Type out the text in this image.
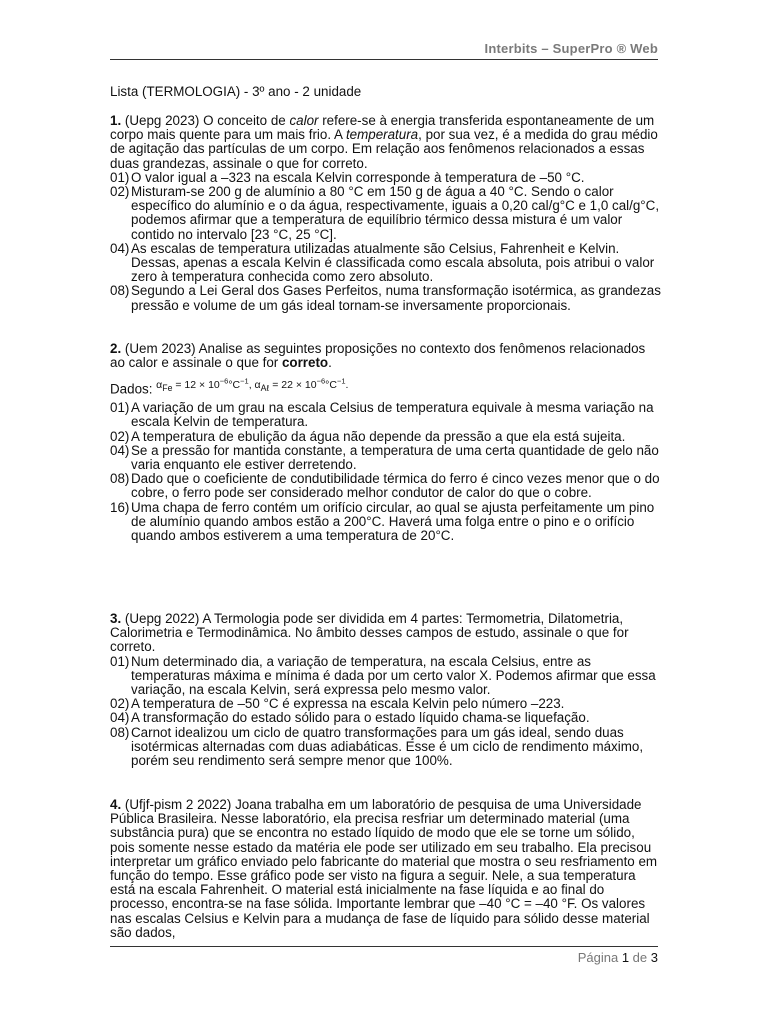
Interbits – SuperPro ® Web
Lista (TERMOLOGIA) - 3º ano - 2 unidade

1. (Uepg 2023) O conceito de calor refere-se à energia transferida espontaneamente de um corpo mais quente para um mais frio. A temperatura, por sua vez, é a medida do grau médio de agitação das partículas de um corpo. Em relação aos fenômenos relacionados a essas duas grandezas, assinale o que for correto.

01) O valor igual a –323 na escala Kelvin corresponde à temperatura de –50 °C.
02) Misturam-se 200 g de alumínio a 80 °C em 150 g de água a 40 °C. Sendo o calor específico do alumínio e o da água, respectivamente, iguais a 0,20 cal/g°C e 1,0 cal/g°C, podemos afirmar que a temperatura de equilíbrio térmico dessa mistura é um valor contido no intervalo [23 °C, 25 °C].
04) As escalas de temperatura utilizadas atualmente são Celsius, Fahrenheit e Kelvin. Dessas, apenas a escala Kelvin é classificada como escala absoluta, pois atribui o valor zero à temperatura conhecida como zero absoluto.
08) Segundo a Lei Geral dos Gases Perfeitos, numa transformação isotérmica, as grandezas pressão e volume de um gás ideal tornam-se inversamente proporcionais.

2. (Uem 2023) Analise as seguintes proposições no contexto dos fenômenos relacionados ao calor e assinale o que for correto.

Dados: $^{\alpha_{Fe} = 12 \times 10^{-6}^\circ C^{-1}, \alpha_{A\ell} = 22 \times 10^{-6}^\circ C^{-1}.}$

01) A variação de um grau na escala Celsius de temperatura equivale à mesma variação na escala Kelvin de temperatura.
02) A temperatura de ebulição da água não depende da pressão a que ela está sujeita.
04) Se a pressão for mantida constante, a temperatura de uma certa quantidade de gelo não varia enquanto ele estiver derretendo.
08) Dado que o coeficiente de condutibilidade térmica do ferro é cinco vezes menor que o do cobre, o ferro pode ser considerado melhor condutor de calor do que o cobre.
16) Uma chapa de ferro contém um orifício circular, ao qual se ajusta perfeitamente um pino de alumínio quando ambos estão a 200°C. Haverá uma folga entre o pino e o orifício quando ambos estiverem a uma temperatura de 20°C.

3. (Uepg 2022) A Termologia pode ser dividida em 4 partes: Termometria, Dilatometria, Calorimetria e Termodinâmica. No âmbito desses campos de estudo, assinale o que for correto.

01) Num determinado dia, a variação de temperatura, na escala Celsius, entre as temperaturas máxima e mínima é dada por um certo valor X. Podemos afirmar que essa variação, na escala Kelvin, será expressa pelo mesmo valor.
02) A temperatura de –50 °C é expressa na escala Kelvin pelo número –223.
04) A transformação do estado sólido para o estado líquido chama-se liquefação.
08) Carnot idealizou um ciclo de quatro transformações para um gás ideal, sendo duas isotérmicas alternadas com duas adiabáticas. Esse é um ciclo de rendimento máximo, porém seu rendimento será sempre menor que 100%.

4. (Ufjf-pism 2 2022) Joana trabalha em um laboratório de pesquisa de uma Universidade Pública Brasileira. Nesse laboratório, ela precisa resfriar um determinado material (uma substância pura) que se encontra no estado líquido de modo que ele se torne um sólido, pois somente nesse estado da matéria ele pode ser utilizado em seu trabalho. Ela precisou interpretar um gráfico enviado pelo fabricante do material que mostra o seu resfriamento em função do tempo. Esse gráfico pode ser visto na figura a seguir. Nele, a sua temperatura está na escala Fahrenheit. O material está inicialmente na fase líquida e ao final do processo, encontra-se na fase sólida. Importante lembrar que –40 °C = –40 °F. Os valores nas escalas Celsius e Kelvin para a mudança de fase de líquido para sólido desse material são dados,

Página 1 de 3
